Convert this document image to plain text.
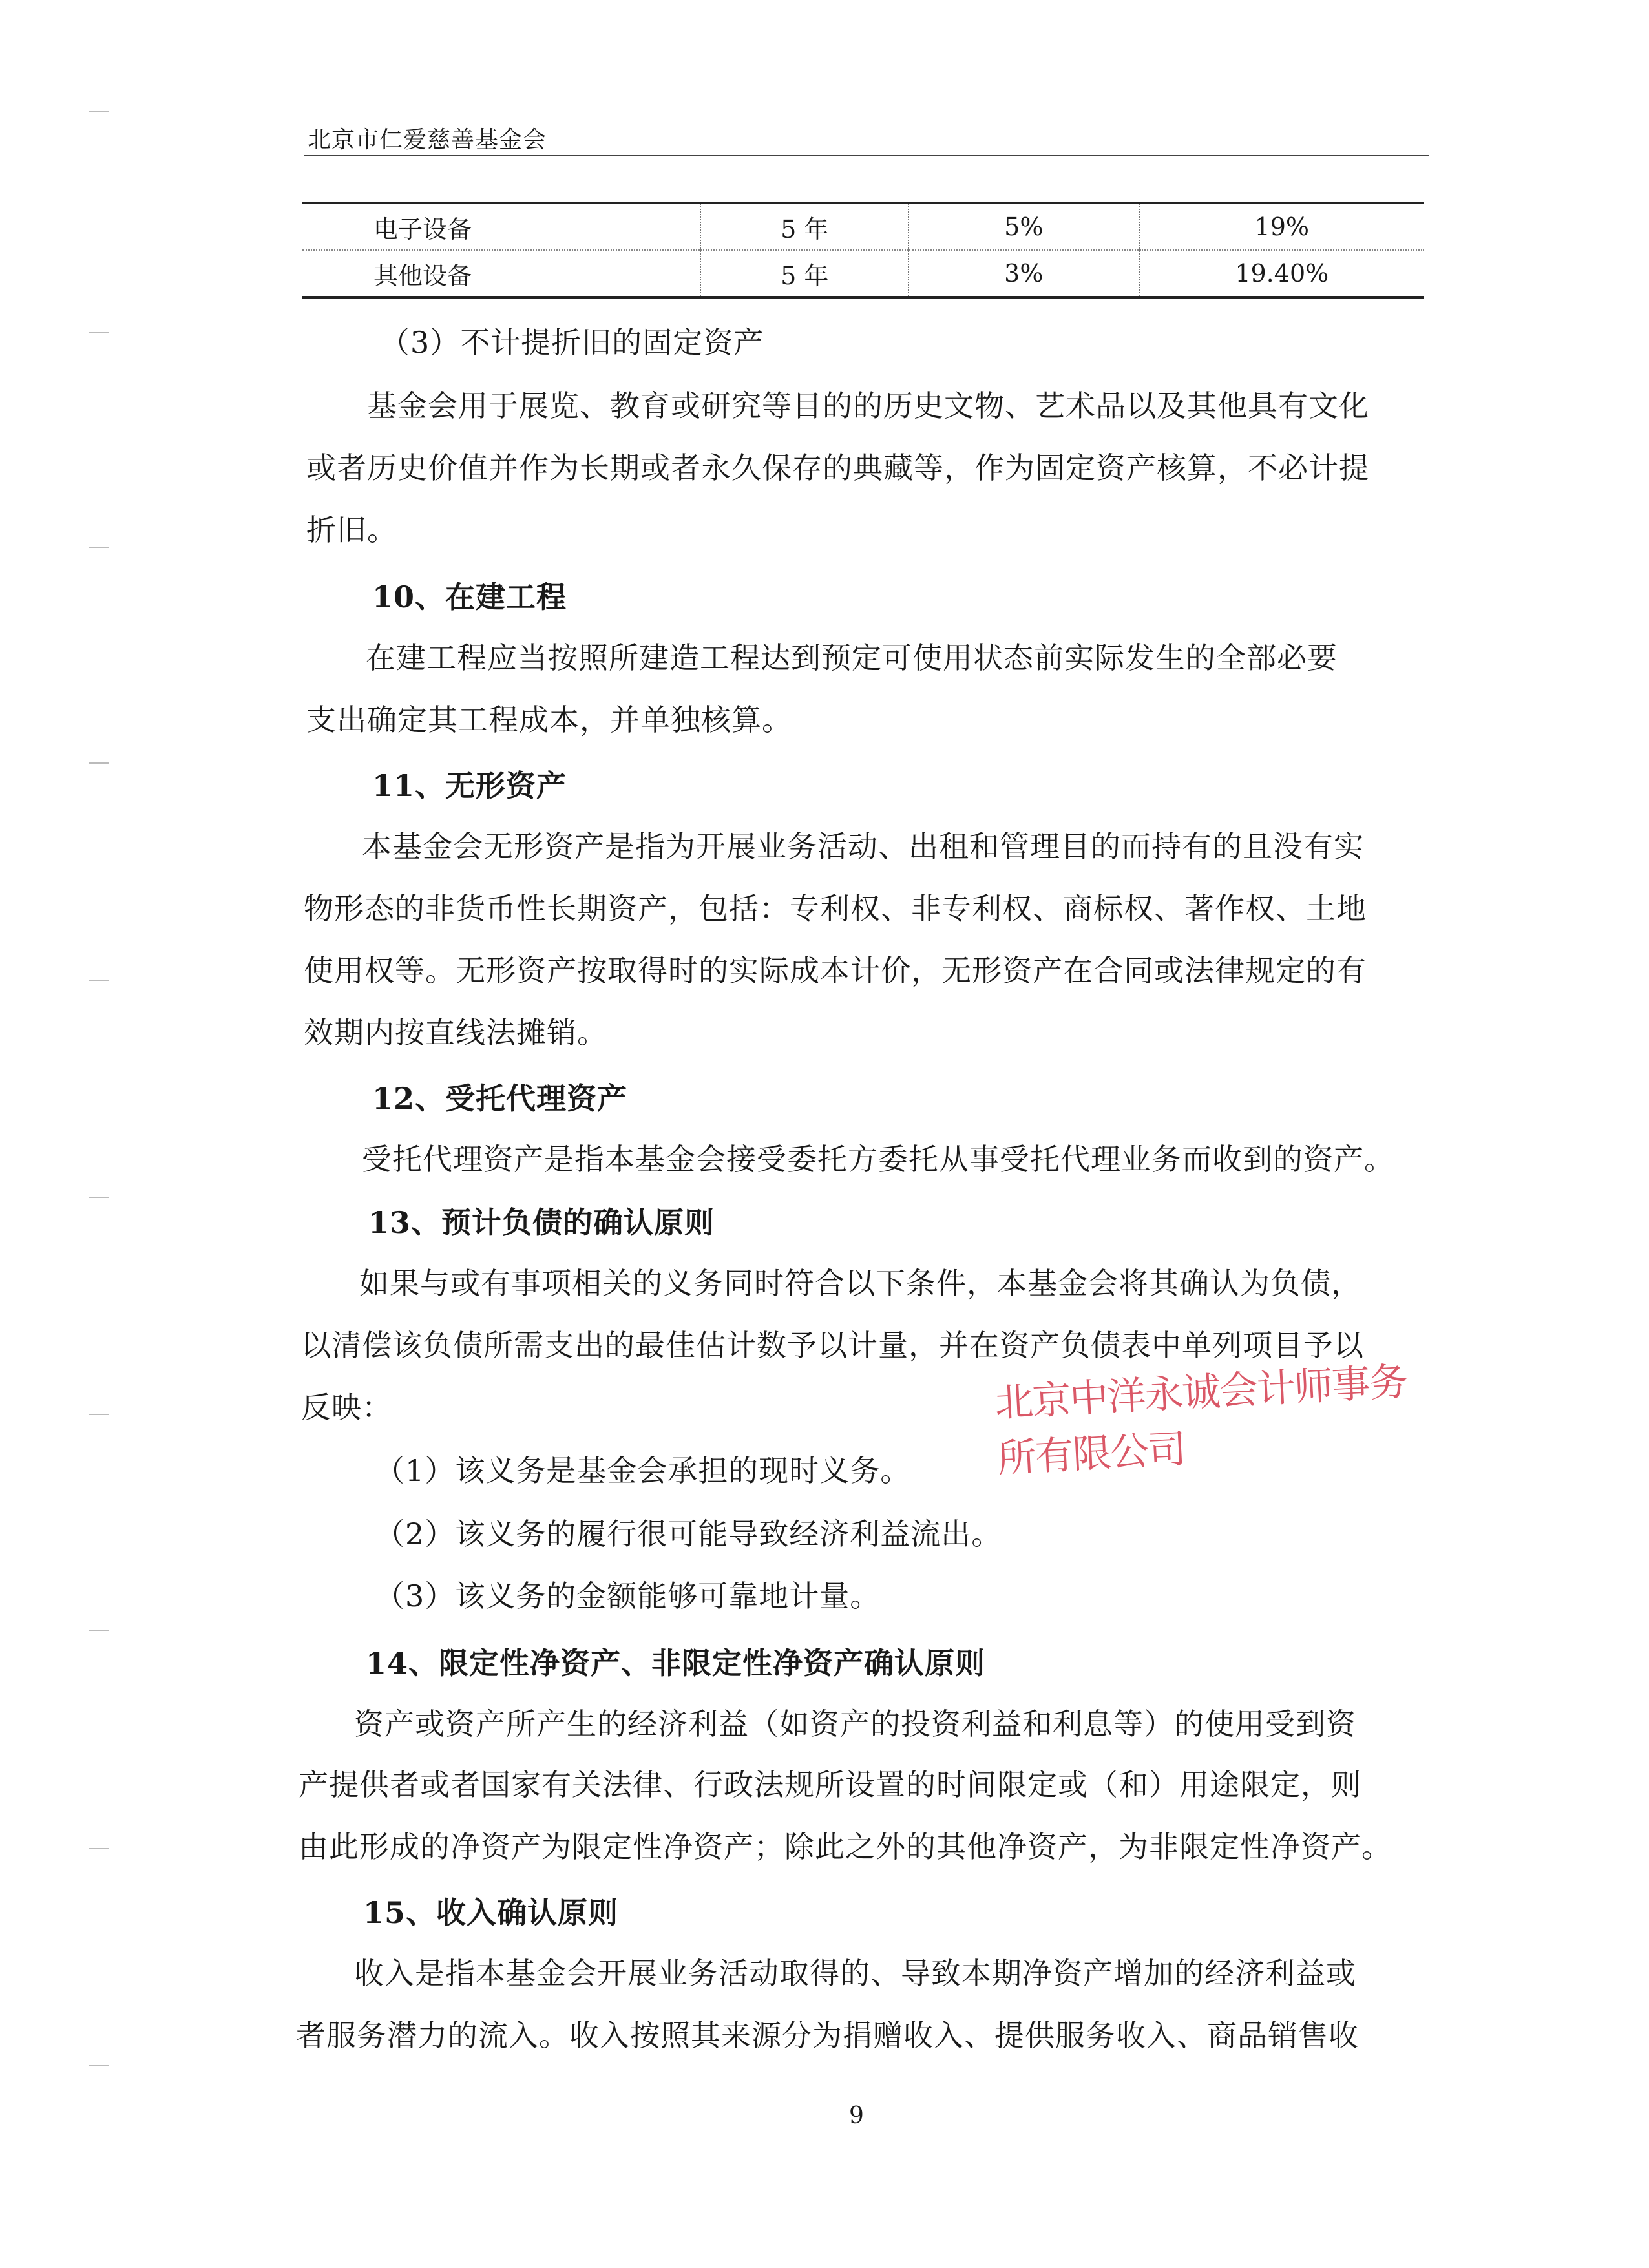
北京市仁爱慈善基金会
电子设备	5 年	5%	19%
其他设备	5 年	3%	19.40%
（3）不计提折旧的固定资产
基金会用于展览、教育或研究等目的的历史文物、艺术品以及其他具有文化
或者历史价值并作为长期或者永久保存的典藏等，作为固定资产核算，不必计提
折旧。
10、在建工程
在建工程应当按照所建造工程达到预定可使用状态前实际发生的全部必要
支出确定其工程成本，并单独核算。
11、无形资产
本基金会无形资产是指为开展业务活动、出租和管理目的而持有的且没有实
物形态的非货币性长期资产，包括：专利权、非专利权、商标权、著作权、土地
使用权等。无形资产按取得时的实际成本计价，无形资产在合同或法律规定的有
效期内按直线法摊销。
12、受托代理资产
受托代理资产是指本基金会接受委托方委托从事受托代理业务而收到的资产。
13、预计负债的确认原则
如果与或有事项相关的义务同时符合以下条件，本基金会将其确认为负债，
以清偿该负债所需支出的最佳估计数予以计量，并在资产负债表中单列项目予以
反映：
（1）该义务是基金会承担的现时义务。
（2）该义务的履行很可能导致经济利益流出。
（3）该义务的金额能够可靠地计量。
14、限定性净资产、非限定性净资产确认原则
资产或资产所产生的经济利益（如资产的投资利益和利息等）的使用受到资
产提供者或者国家有关法律、行政法规所设置的时间限定或（和）用途限定，则
由此形成的净资产为限定性净资产；除此之外的其他净资产，为非限定性净资产。
15、收入确认原则
收入是指本基金会开展业务活动取得的、导致本期净资产增加的经济利益或
者服务潜力的流入。收入按照其来源分为捐赠收入、提供服务收入、商品销售收
北京中洋永诚会计师事务所有限公司
9
